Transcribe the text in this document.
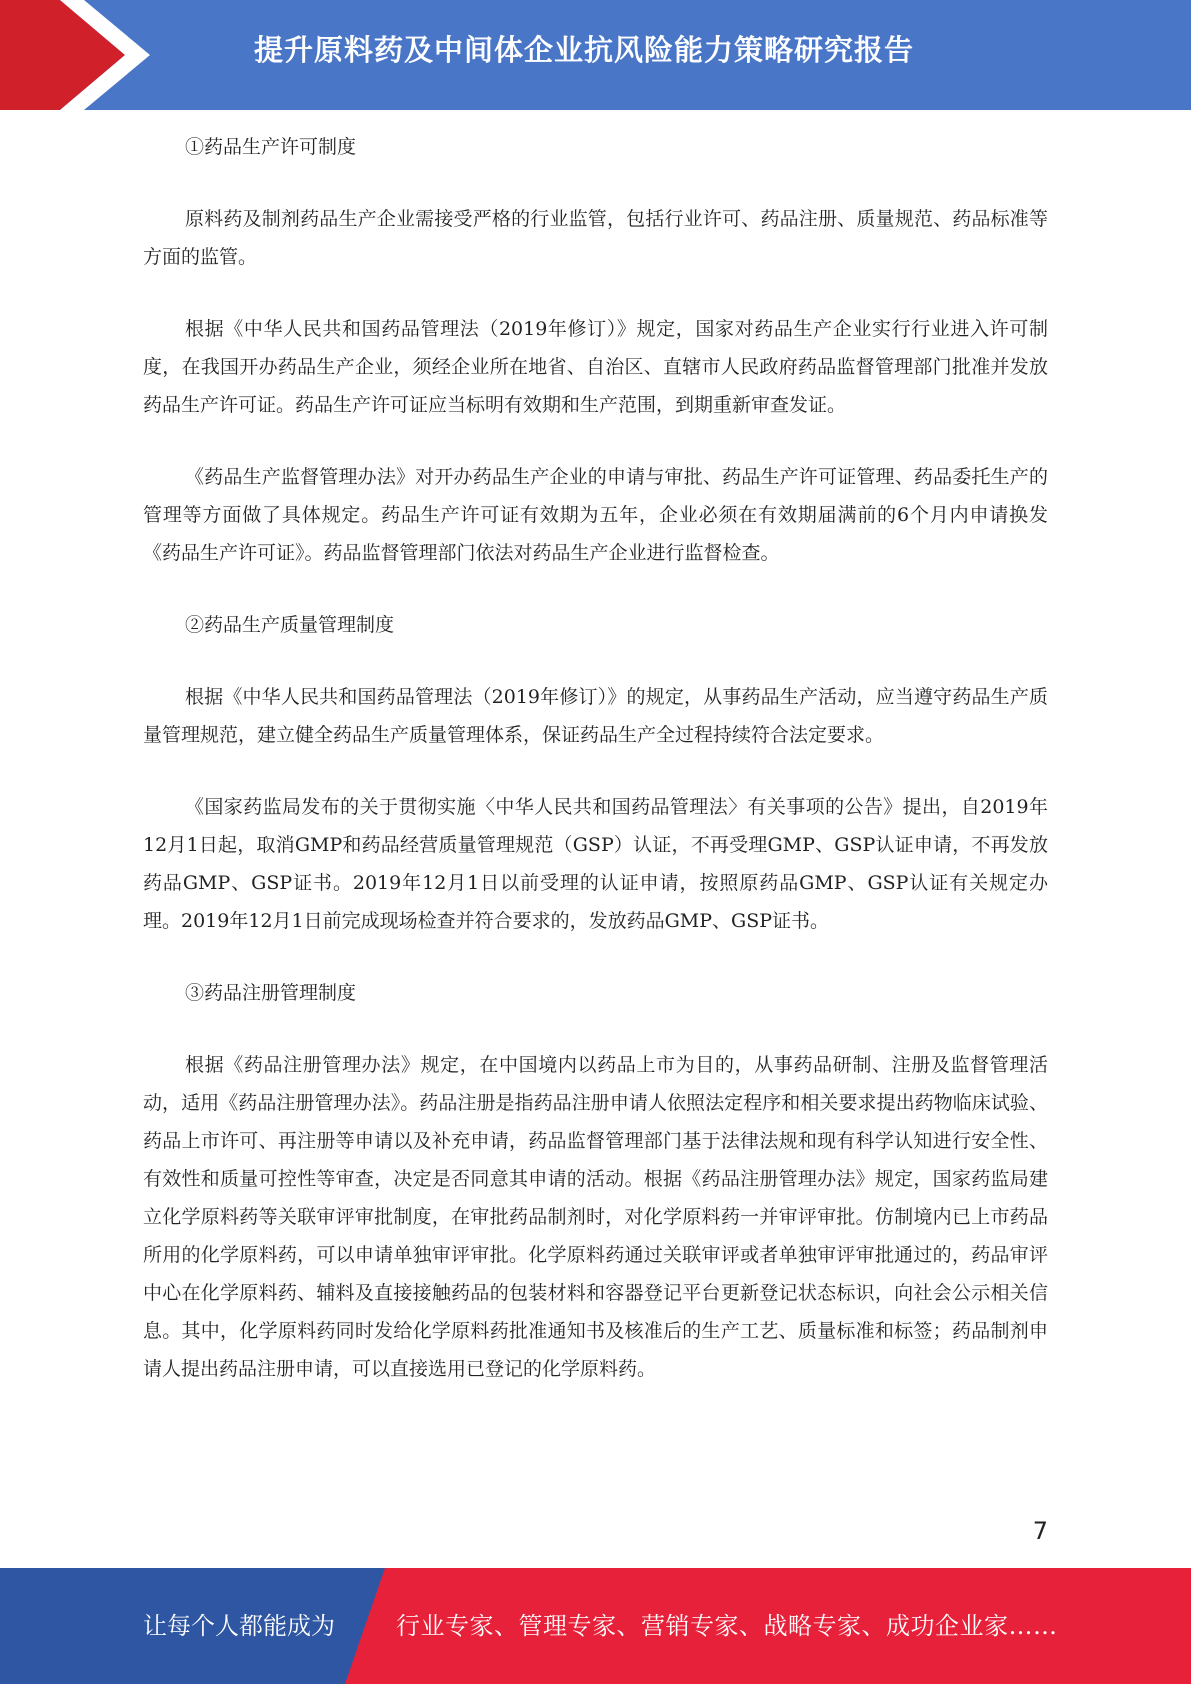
提升原料药及中间体企业抗风险能力策略研究报告

①药品生产许可制度

原料药及制剂药品生产企业需接受严格的行业监管，包括行业许可、药品注册、质量规范、药品标准等方面的监管。

根据《中华人民共和国药品管理法（2019年修订）》规定，国家对药品生产企业实行行业进入许可制度，在我国开办药品生产企业，须经企业所在地省、自治区、直辖市人民政府药品监督管理部门批准并发放药品生产许可证。药品生产许可证应当标明有效期和生产范围，到期重新审查发证。

《药品生产监督管理办法》对开办药品生产企业的申请与审批、药品生产许可证管理、药品委托生产的管理等方面做了具体规定。药品生产许可证有效期为五年，企业必须在有效期届满前的6个月内申请换发《药品生产许可证》。药品监督管理部门依法对药品生产企业进行监督检查。

②药品生产质量管理制度

根据《中华人民共和国药品管理法（2019年修订）》的规定，从事药品生产活动，应当遵守药品生产质量管理规范，建立健全药品生产质量管理体系，保证药品生产全过程持续符合法定要求。

《国家药监局发布的关于贯彻实施〈中华人民共和国药品管理法〉有关事项的公告》提出，自2019年12月1日起，取消GMP和药品经营质量管理规范（GSP）认证，不再受理GMP、GSP认证申请，不再发放药品GMP、GSP证书。2019年12月1日以前受理的认证申请，按照原药品GMP、GSP认证有关规定办理。2019年12月1日前完成现场检查并符合要求的，发放药品GMP、GSP证书。

③药品注册管理制度

根据《药品注册管理办法》规定，在中国境内以药品上市为目的，从事药品研制、注册及监督管理活动，适用《药品注册管理办法》。药品注册是指药品注册申请人依照法定程序和相关要求提出药物临床试验、药品上市许可、再注册等申请以及补充申请，药品监督管理部门基于法律法规和现有科学认知进行安全性、有效性和质量可控性等审查，决定是否同意其申请的活动。根据《药品注册管理办法》规定，国家药监局建立化学原料药等关联审评审批制度，在审批药品制剂时，对化学原料药一并审评审批。仿制境内已上市药品所用的化学原料药，可以申请单独审评审批。化学原料药通过关联审评或者单独审评审批通过的，药品审评中心在化学原料药、辅料及直接接触药品的包装材料和容器登记平台更新登记状态标识，向社会公示相关信息。其中，化学原料药同时发给化学原料药批准通知书及核准后的生产工艺、质量标准和标签；药品制剂申请人提出药品注册申请，可以直接选用已登记的化学原料药。

7
让每个人都能成为	行业专家、管理专家、营销专家、战略专家、成功企业家……
